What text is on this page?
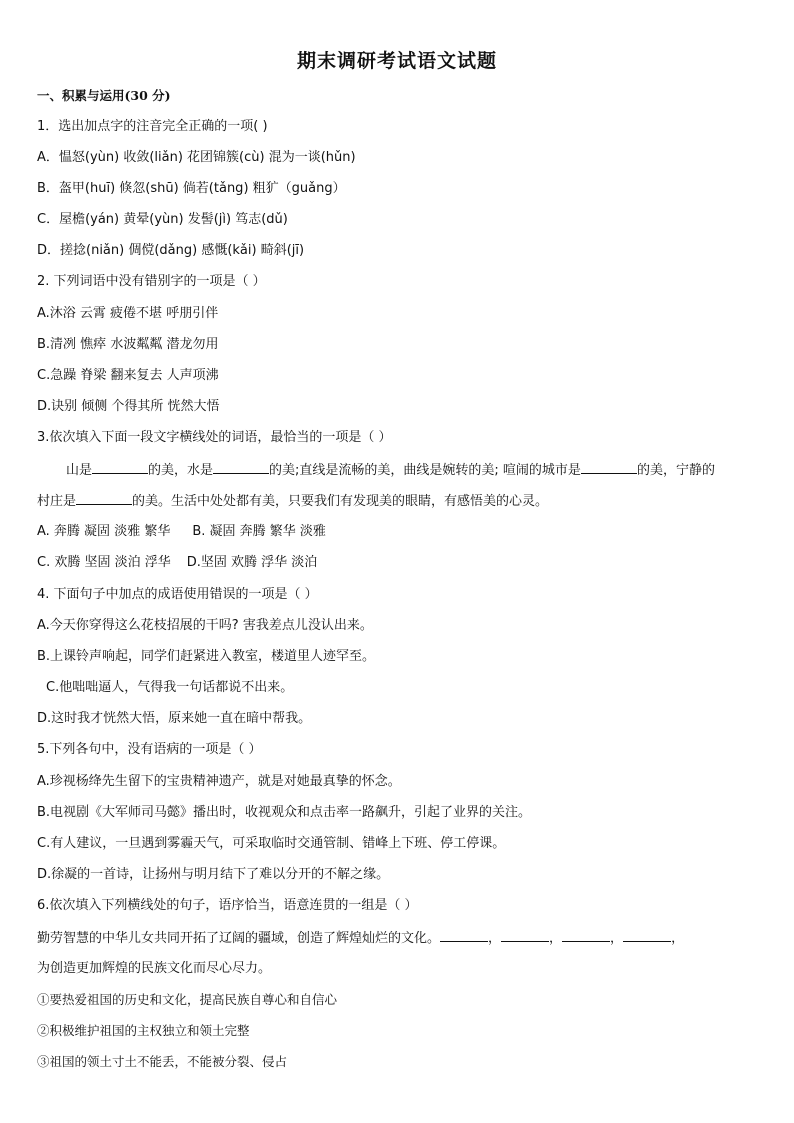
期末调研考试语文试题
一、积累与运用(30 分)
1．选出加点字的注音完全正确的一项( )
A．愠怒(yùn) 收敛(liǎn) 花团锦簇(cù) 混为一谈(hǔn)
B．盔甲(huī) 倏忽(shū) 倘若(tǎng) 粗犷（guǎng）
C．屋檐(yán) 黄晕(yùn) 发髻(jì) 笃志(dǔ)
D．搓捻(niǎn) 倜傥(dǎng) 感慨(kǎi) 畸斜(jī)
2. 下列词语中没有错别字的一项是（ ）
A.沐浴 云霄 疲倦不堪 呼朋引伴
B.清冽 憔瘁 水波粼粼 潜龙勿用
C.急躁 脊梁 翻来复去 人声项沸
D.诀别 倾侧 个得其所 恍然大悟
3.依次填入下面一段文字横线处的词语，最恰当的一项是（ ）
山是	的美，水是	的美;直线是流畅的美，曲线是婉转的美; 喧闹的城市是	的美，宁静的
村庄是	的美。生活中处处都有美，只要我们有发现美的眼睛，有感悟美的心灵。
A. 奔腾 凝固 淡雅 繁华 B. 凝固 奔腾 繁华 淡雅
C. 欢腾 坚固 淡泊 浮华 D.坚固 欢腾 浮华 淡泊
4. 下面句子中加点的成语使用错误的一项是（ ）
A.今天你穿得这么花枝招展的干吗? 害我差点儿没认出来。
B.上课铃声响起，同学们赶紧进入教室，楼道里人迹罕至。
C.他咄咄逼人，气得我一句话都说不出来。
D.这时我才恍然大悟，原来她一直在暗中帮我。
5.下列各句中，没有语病的一项是（ ）
A.珍视杨绛先生留下的宝贵精神遗产，就是对她最真挚的怀念。
B.电视剧《大军师司马懿》播出时，收视观众和点击率一路飙升，引起了业界的关注。
C.有人建议，一旦遇到雾霾天气，可采取临时交通管制、错峰上下班、停工停课。
D.徐凝的一首诗，让扬州与明月结下了难以分开的不解之缘。
6.依次填入下列横线处的句子，语序恰当，语意连贯的一组是（ ）
勤劳智慧的中华儿女共同开拓了辽阔的疆域，创造了辉煌灿烂的文化。	，	，	，	，
为创造更加辉煌的民族文化而尽心尽力。
①要热爱祖国的历史和文化，提高民族自尊心和自信心
②积极维护祖国的主权独立和领土完整
③祖国的领土寸土不能丢，不能被分裂、侵占
